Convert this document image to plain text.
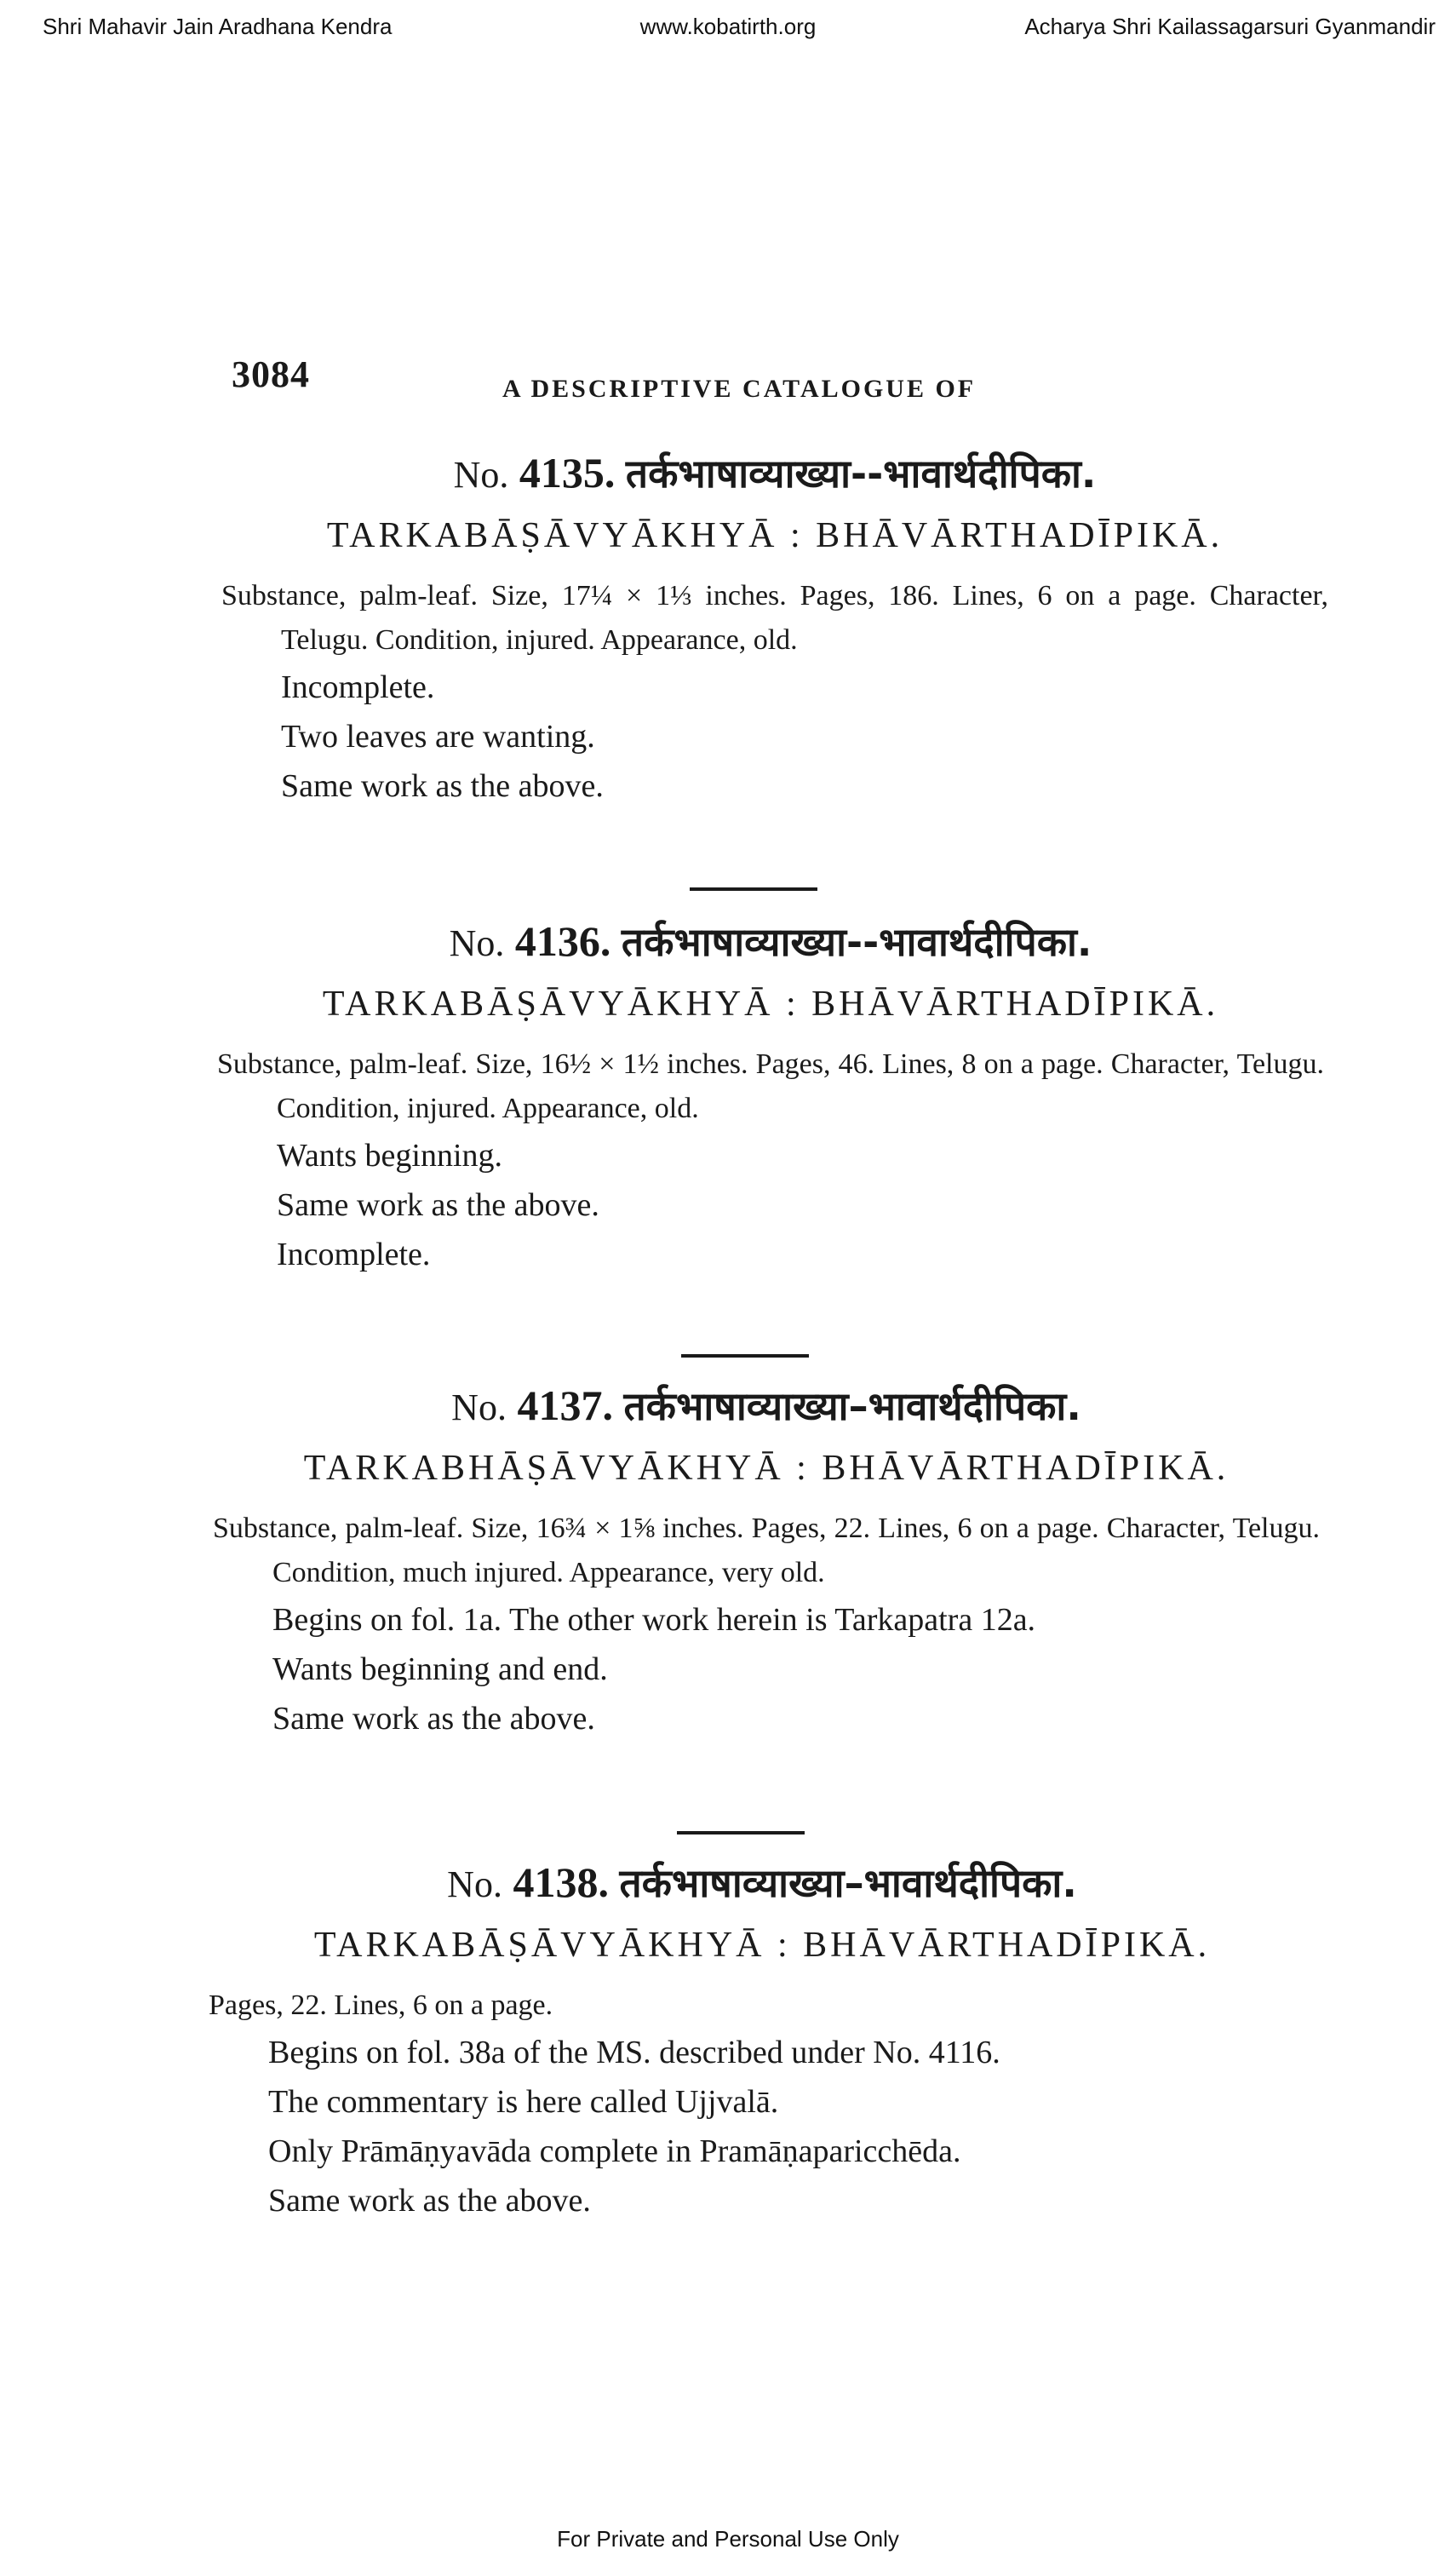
Shri Mahavir Jain Aradhana Kendra	www.kobatirth.org	Acharya Shri Kailassagarsuri Gyanmandir
3084	A DESCRIPTIVE CATALOGUE OF
No. 4135. तर्कभाषाव्याख्या--भावार्थदीपिका.
TARKABĀṢĀVYĀKHYĀ : BHĀVĀRTHADĪPIKĀ.
Substance, palm-leaf. Size, 17¼ × 1⅓ inches. Pages, 186. Lines, 6 on a page. Character, Telugu. Condition, injured. Appearance, old.
Incomplete.
Two leaves are wanting.
Same work as the above.
No. 4136. तर्कभाषाव्याख्या--भावार्थदीपिका.
TARKABĀṢĀVYĀKHYĀ : BHĀVĀRTHADĪPIKĀ.
Substance, palm-leaf. Size, 16½ × 1½ inches. Pages, 46. Lines, 8 on a page. Character, Telugu. Condition, injured. Appearance, old.
Wants beginning.
Same work as the above.
Incomplete.
No. 4137. तर्कभाषाव्याख्या–भावार्थदीपिका.
TARKABHĀṢĀVYĀKHYĀ : BHĀVĀRTHADĪPIKĀ.
Substance, palm-leaf. Size, 16¾ × 1⅝ inches. Pages, 22. Lines, 6 on a page. Character, Telugu. Condition, much injured. Appearance, very old.
Begins on fol. 1a. The other work herein is Tarkapatra 12a.
Wants beginning and end.
Same work as the above.
No. 4138. तर्कभाषाव्याख्या–भावार्थदीपिका.
TARKABĀṢĀVYĀKHYĀ : BHĀVĀRTHADĪPIKĀ.
Pages, 22. Lines, 6 on a page.
Begins on fol. 38a of the MS. described under No. 4116.
The commentary is here called Ujjvalā.
Only Prāmāṇyavāda complete in Pramāṇaparicchēda.
Same work as the above.
For Private and Personal Use Only
